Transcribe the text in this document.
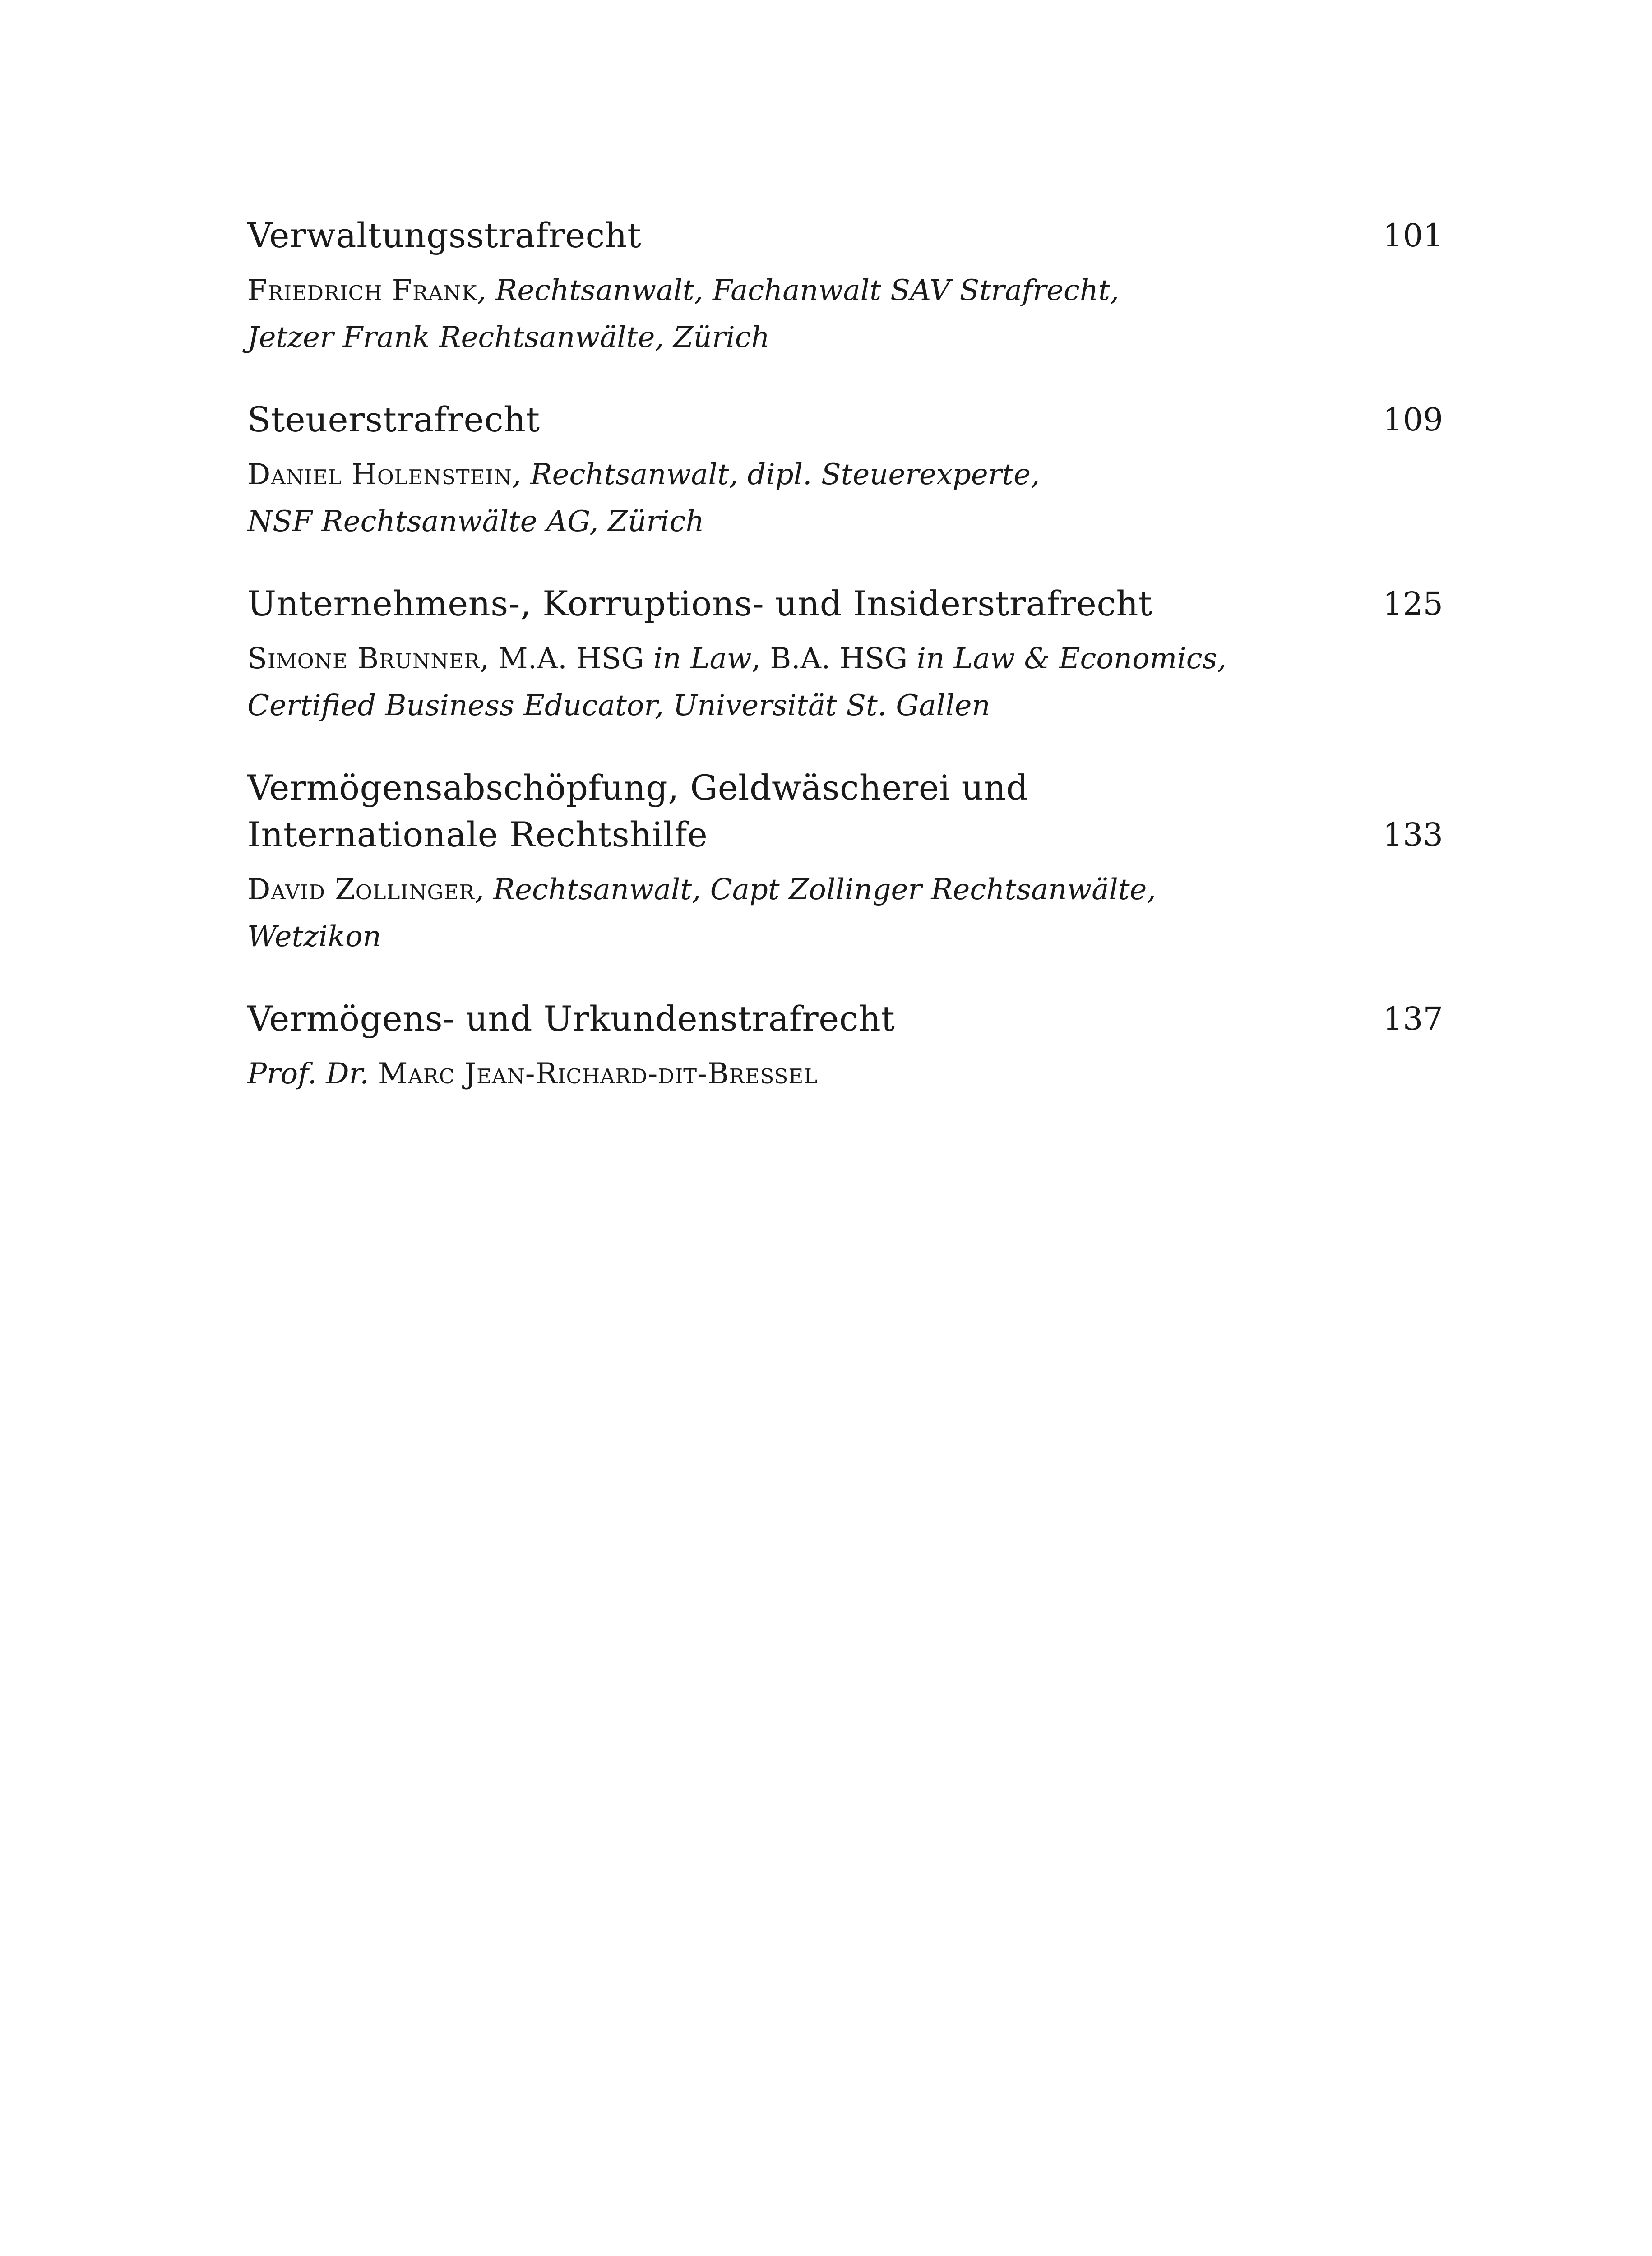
Verwaltungsstrafrecht	101
Friedrich Frank, Rechtsanwalt, Fachanwalt SAV Strafrecht,
Jetzer Frank Rechtsanwälte, Zürich
Steuerstrafrecht	109
Daniel Holenstein, Rechtsanwalt, dipl. Steuerexperte,
NSF Rechtsanwälte AG, Zürich
Unternehmens-, Korruptions- und Insiderstrafrecht	125
Simone Brunner, M.A. HSG in Law, B.A. HSG in Law & Economics,
Certified Business Educator, Universität St. Gallen
Vermögensabschöpfung, Geldwäscherei und Internationale Rechtshilfe	133
David Zollinger, Rechtsanwalt, Capt Zollinger Rechtsanwälte,
Wetzikon
Vermögens- und Urkundenstrafrecht	137
Prof. Dr. Marc Jean-Richard-dit-Bressel
